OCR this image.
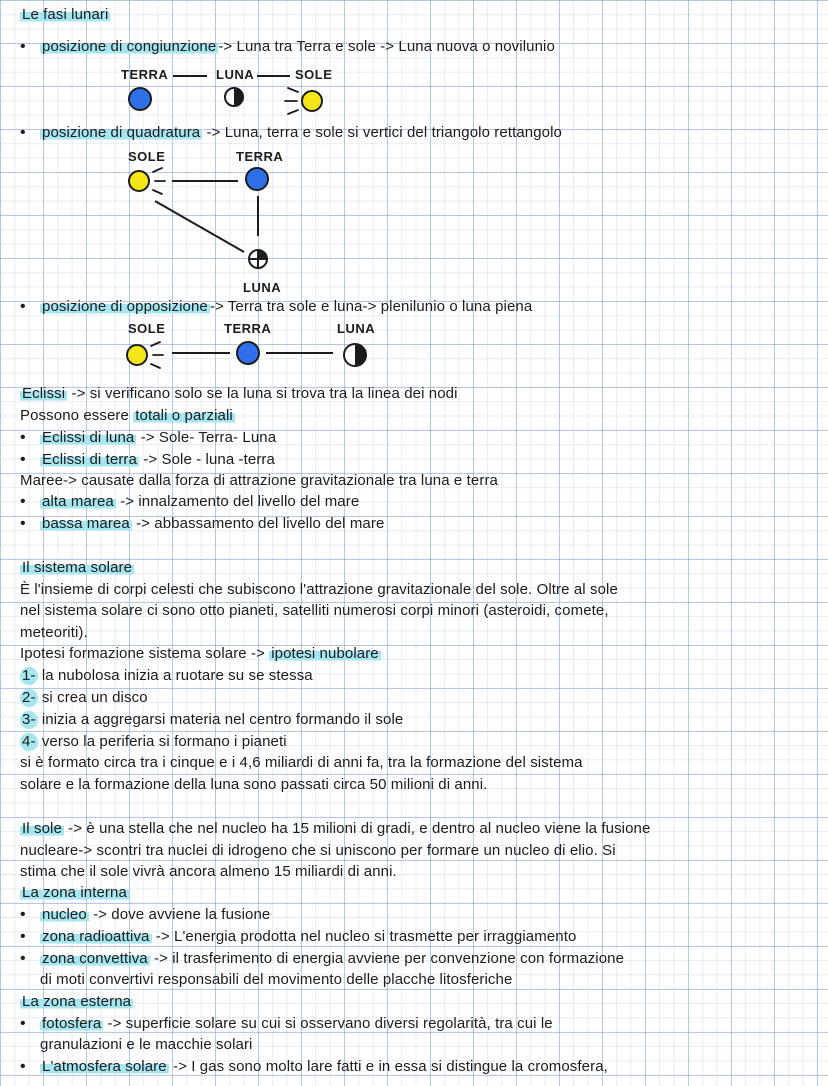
Le fasi lunari
• posizione di congiunzione -> Luna tra Terra e sole -> Luna nuova o novilunio
TERRA	LUNA	SOLE
• posizione di quadratura -> Luna, terra e sole si vertici del triangolo rettangolo
SOLE	TERRA
LUNA
• posizione di opposizione -> Terra tra sole e luna-> plenilunio o luna piena
SOLE	TERRA	LUNA
Eclissi -> si verificano solo se la luna si trova tra la linea dei nodi
Possono essere totali o parziali
• Eclissi di luna -> Sole- Terra- Luna
• Eclissi di terra -> Sole - luna -terra
Maree-> causate dalla forza di attrazione gravitazionale tra luna e terra
• alta marea -> innalzamento del livello del mare
• bassa marea -> abbassamento del livello del mare
Il sistema solare
È l'insieme di corpi celesti che subiscono l'attrazione gravitazionale del sole. Oltre al sole
nel sistema solare ci sono otto pianeti, satelliti numerosi corpi minori (asteroidi, comete,
meteoriti).
Ipotesi formazione sistema solare -> ipotesi nubolare
1- la nubolosa inizia a ruotare su se stessa
2- si crea un disco
3- inizia a aggregarsi materia nel centro formando il sole
4- verso la periferia si formano i pianeti
si è formato circa tra i cinque e i 4,6 miliardi di anni fa, tra la formazione del sistema
solare e la formazione della luna sono passati circa 50 milioni di anni.
Il sole -> è una stella che nel nucleo ha 15 milioni di gradi, e dentro al nucleo viene la fusione
nucleare-> scontri tra nuclei di idrogeno che si uniscono per formare un nucleo di elio. Si
stima che il sole vivrà ancora almeno 15 miliardi di anni.
La zona interna
• nucleo -> dove avviene la fusione
• zona radioattiva -> L'energia prodotta nel nucleo si trasmette per irraggiamento
• zona convettiva -> il trasferimento di energia avviene per convenzione con formazione
di moti convertivi responsabili del movimento delle placche litosferiche
La zona esterna
• fotosfera -> superficie solare su cui si osservano diversi regolarità, tra cui le
granulazioni e le macchie solari
• L'atmosfera solare -> I gas sono molto lare fatti e in essa si distingue la cromosfera,
